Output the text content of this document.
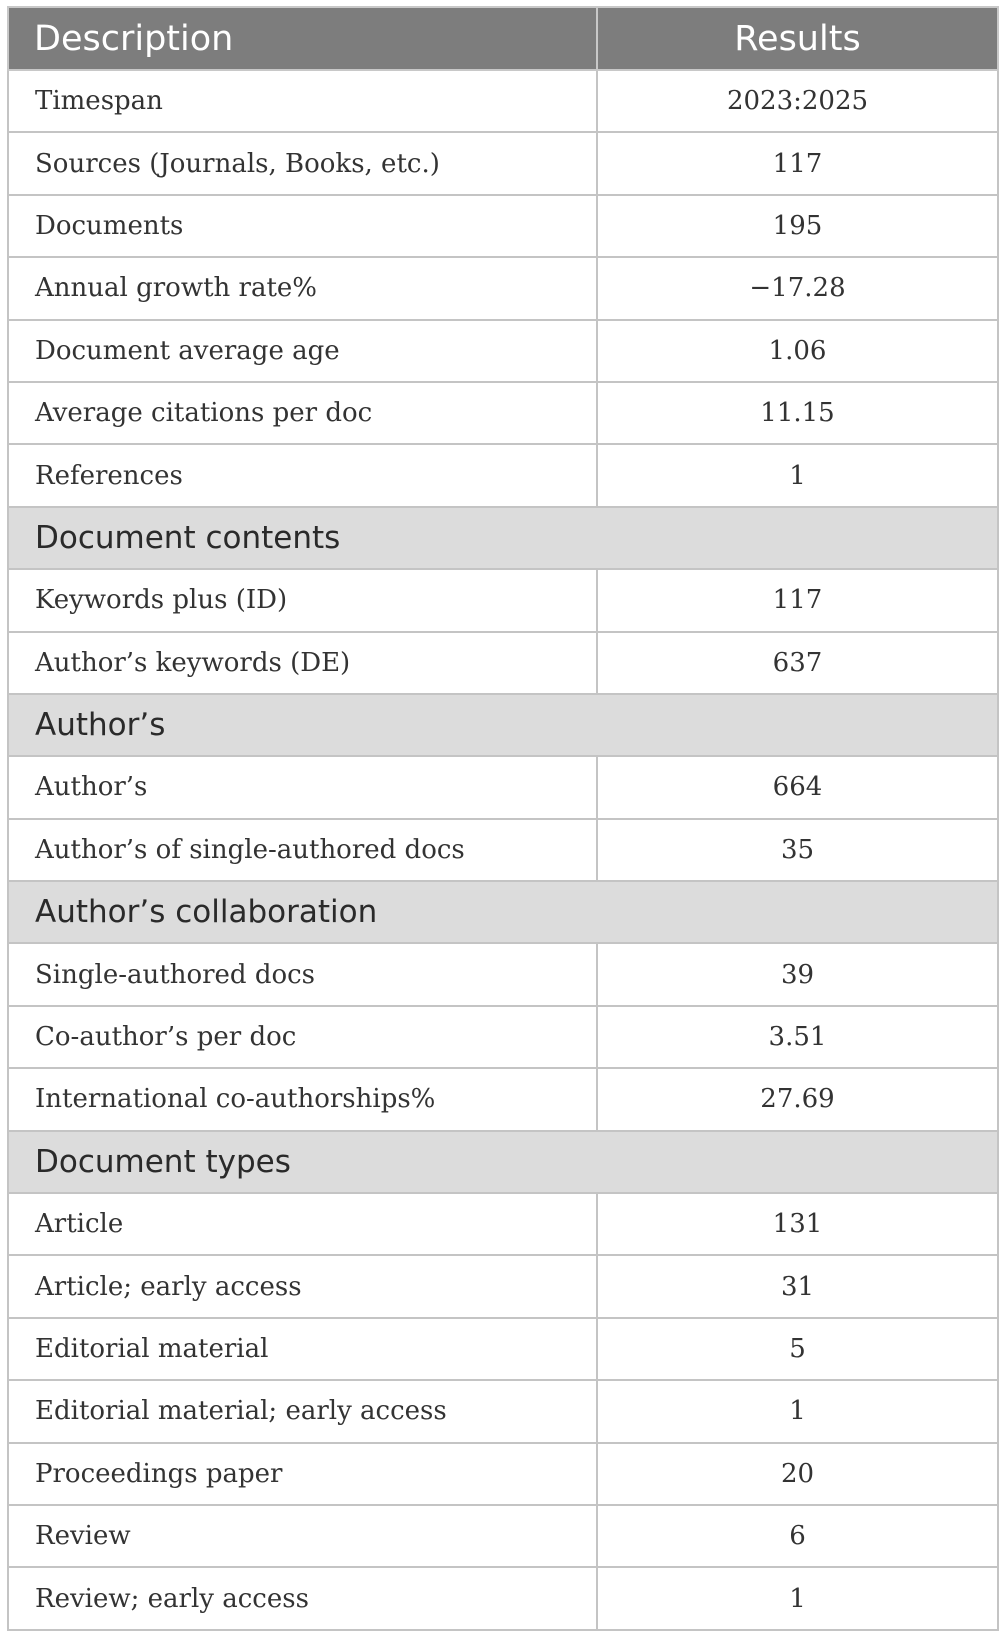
Description	Results
Timespan	2023:2025
Sources (Journals, Books, etc.)	117
Documents	195
Annual growth rate%	−17.28
Document average age	1.06
Average citations per doc	11.15
References	1
Document contents	
Keywords plus (ID)	117
Author’s keywords (DE)	637
Author’s	
Author’s	664
Author’s of single-authored docs	35
Author’s collaboration	
Single-authored docs	39
Co-author’s per doc	3.51
International co-authorships%	27.69
Document types	
Article	131
Article; early access	31
Editorial material	5
Editorial material; early access	1
Proceedings paper	20
Review	6
Review; early access	1
